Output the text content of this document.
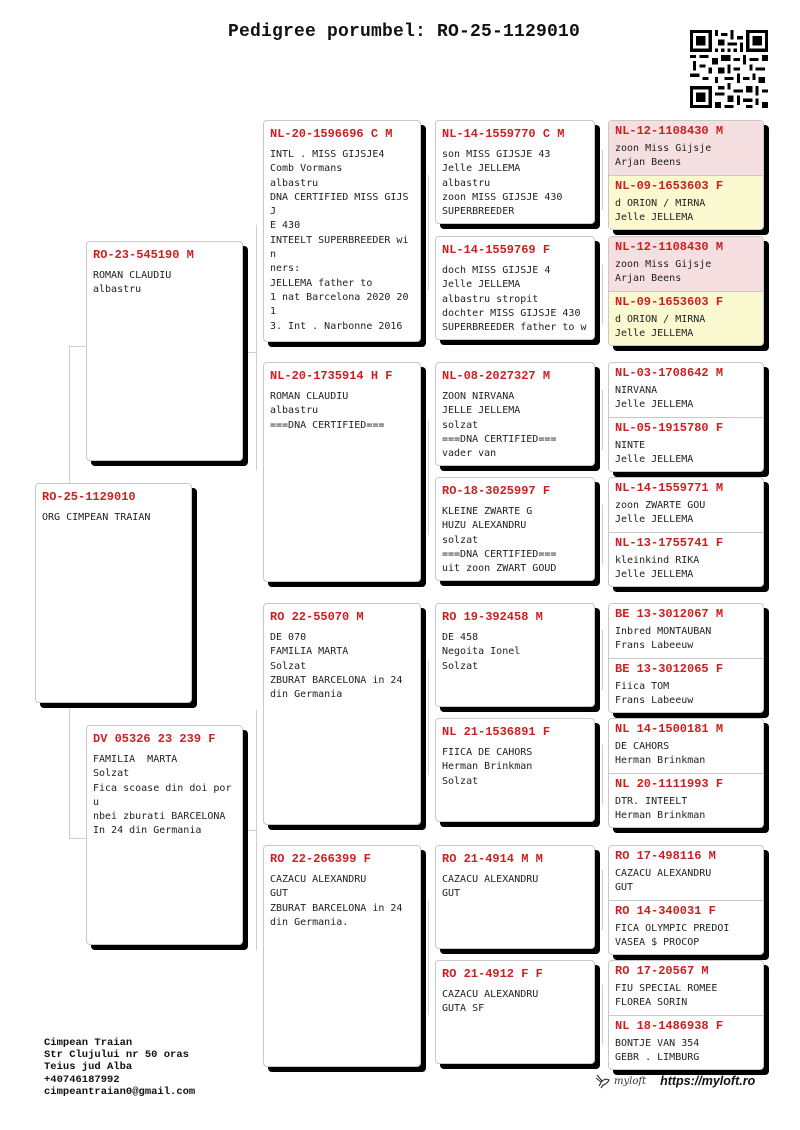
Pedigree porumbel: RO-25-1129010
RO-25-1129010
ORG CIMPEAN TRAIAN
RO-23-545190 M
ROMAN CLAUDIU
albastru
DV 05326 23 239 F
FAMILIA  MARTA
Solzat
Fica scoase din doi poru
nbei zburati BARCELONA
In 24 din Germania
NL-20-1596696 C M
INTL . MISS GIJSJE4
Comb Vormans
albastru
DNA CERTIFIED MISS GIJSJ
E 430
INTEELT SUPERBREEDER win
ners:
JELLEMA father to
1 nat Barcelona 2020 201
3. Int . Narbonne 2016

NL-20-1735914 H F
ROMAN CLAUDIU
albastru
===DNA CERTIFIED===
RO 22-55070 M
DE 070
FAMILIA MARTA
Solzat
ZBURAT BARCELONA in 24
din Germania
RO 22-266399 F
CAZACU ALEXANDRU
GUT
ZBURAT BARCELONA in 24
din Germania.
NL-14-1559770 C M
son MISS GIJSJE 43
Jelle JELLEMA
albastru
zoon MISS GIJSJE 430
SUPERBREEDER

NL-14-1559769 F
doch MISS GIJSJE 4
Jelle JELLEMA
albastru stropit
dochter MISS GIJSJE 430
SUPERBREEDER father to w

NL-08-2027327 M
ZOON NIRVANA
JELLE JELLEMA
solzat
===DNA CERTIFIED===
vader van

RO-18-3025997 F
KLEINE ZWARTE G
HUZU ALEXANDRU
solzat
===DNA CERTIFIED===
uit zoon ZWART GOUD

RO 19-392458 M
DE 458
Negoita Ionel
Solzat
NL 21-1536891 F
FIICA DE CAHORS
Herman Brinkman
Solzat
RO 21-4914 M M
CAZACU ALEXANDRU
GUT
RO 21-4912 F F
CAZACU ALEXANDRU
GUTA SF
NL-12-1108430 M
zoon Miss Gijsje
Arjan Beens
NL-09-1653603 F
d ORION / MIRNA
Jelle JELLEMA
NL-12-1108430 M
zoon Miss Gijsje
Arjan Beens
NL-09-1653603 F
d ORION / MIRNA
Jelle JELLEMA
NL-03-1708642 M
NIRVANA
Jelle JELLEMA
NL-05-1915780 F
NINTE
Jelle JELLEMA
NL-14-1559771 M
zoon ZWARTE GOU
Jelle JELLEMA
NL-13-1755741 F
kleinkind RIKA
Jelle JELLEMA
BE 13-3012067 M
Inbred MONTAUBAN
Frans Labeeuw
BE 13-3012065 F
Fiica TOM
Frans Labeeuw
NL 14-1500181 M
DE CAHORS
Herman Brinkman
NL 20-1111993 F
DTR. INTEELT
Herman Brinkman
RO 17-498116 M
CAZACU ALEXANDRU
GUT
RO 14-340031 F
FICA OLYMPIC PREDOI
VASEA $ PROCOP
RO 17-20567 M
FIU SPECIAL ROMEE
FLOREA SORIN
NL 18-1486938 F
BONTJE VAN 354
GEBR . LIMBURG
Cimpean Traian
Str Clujului nr 50 oras
Teius jud Alba
+40746187992
cimpeantraian0@gmail.com
myloft https://myloft.ro
